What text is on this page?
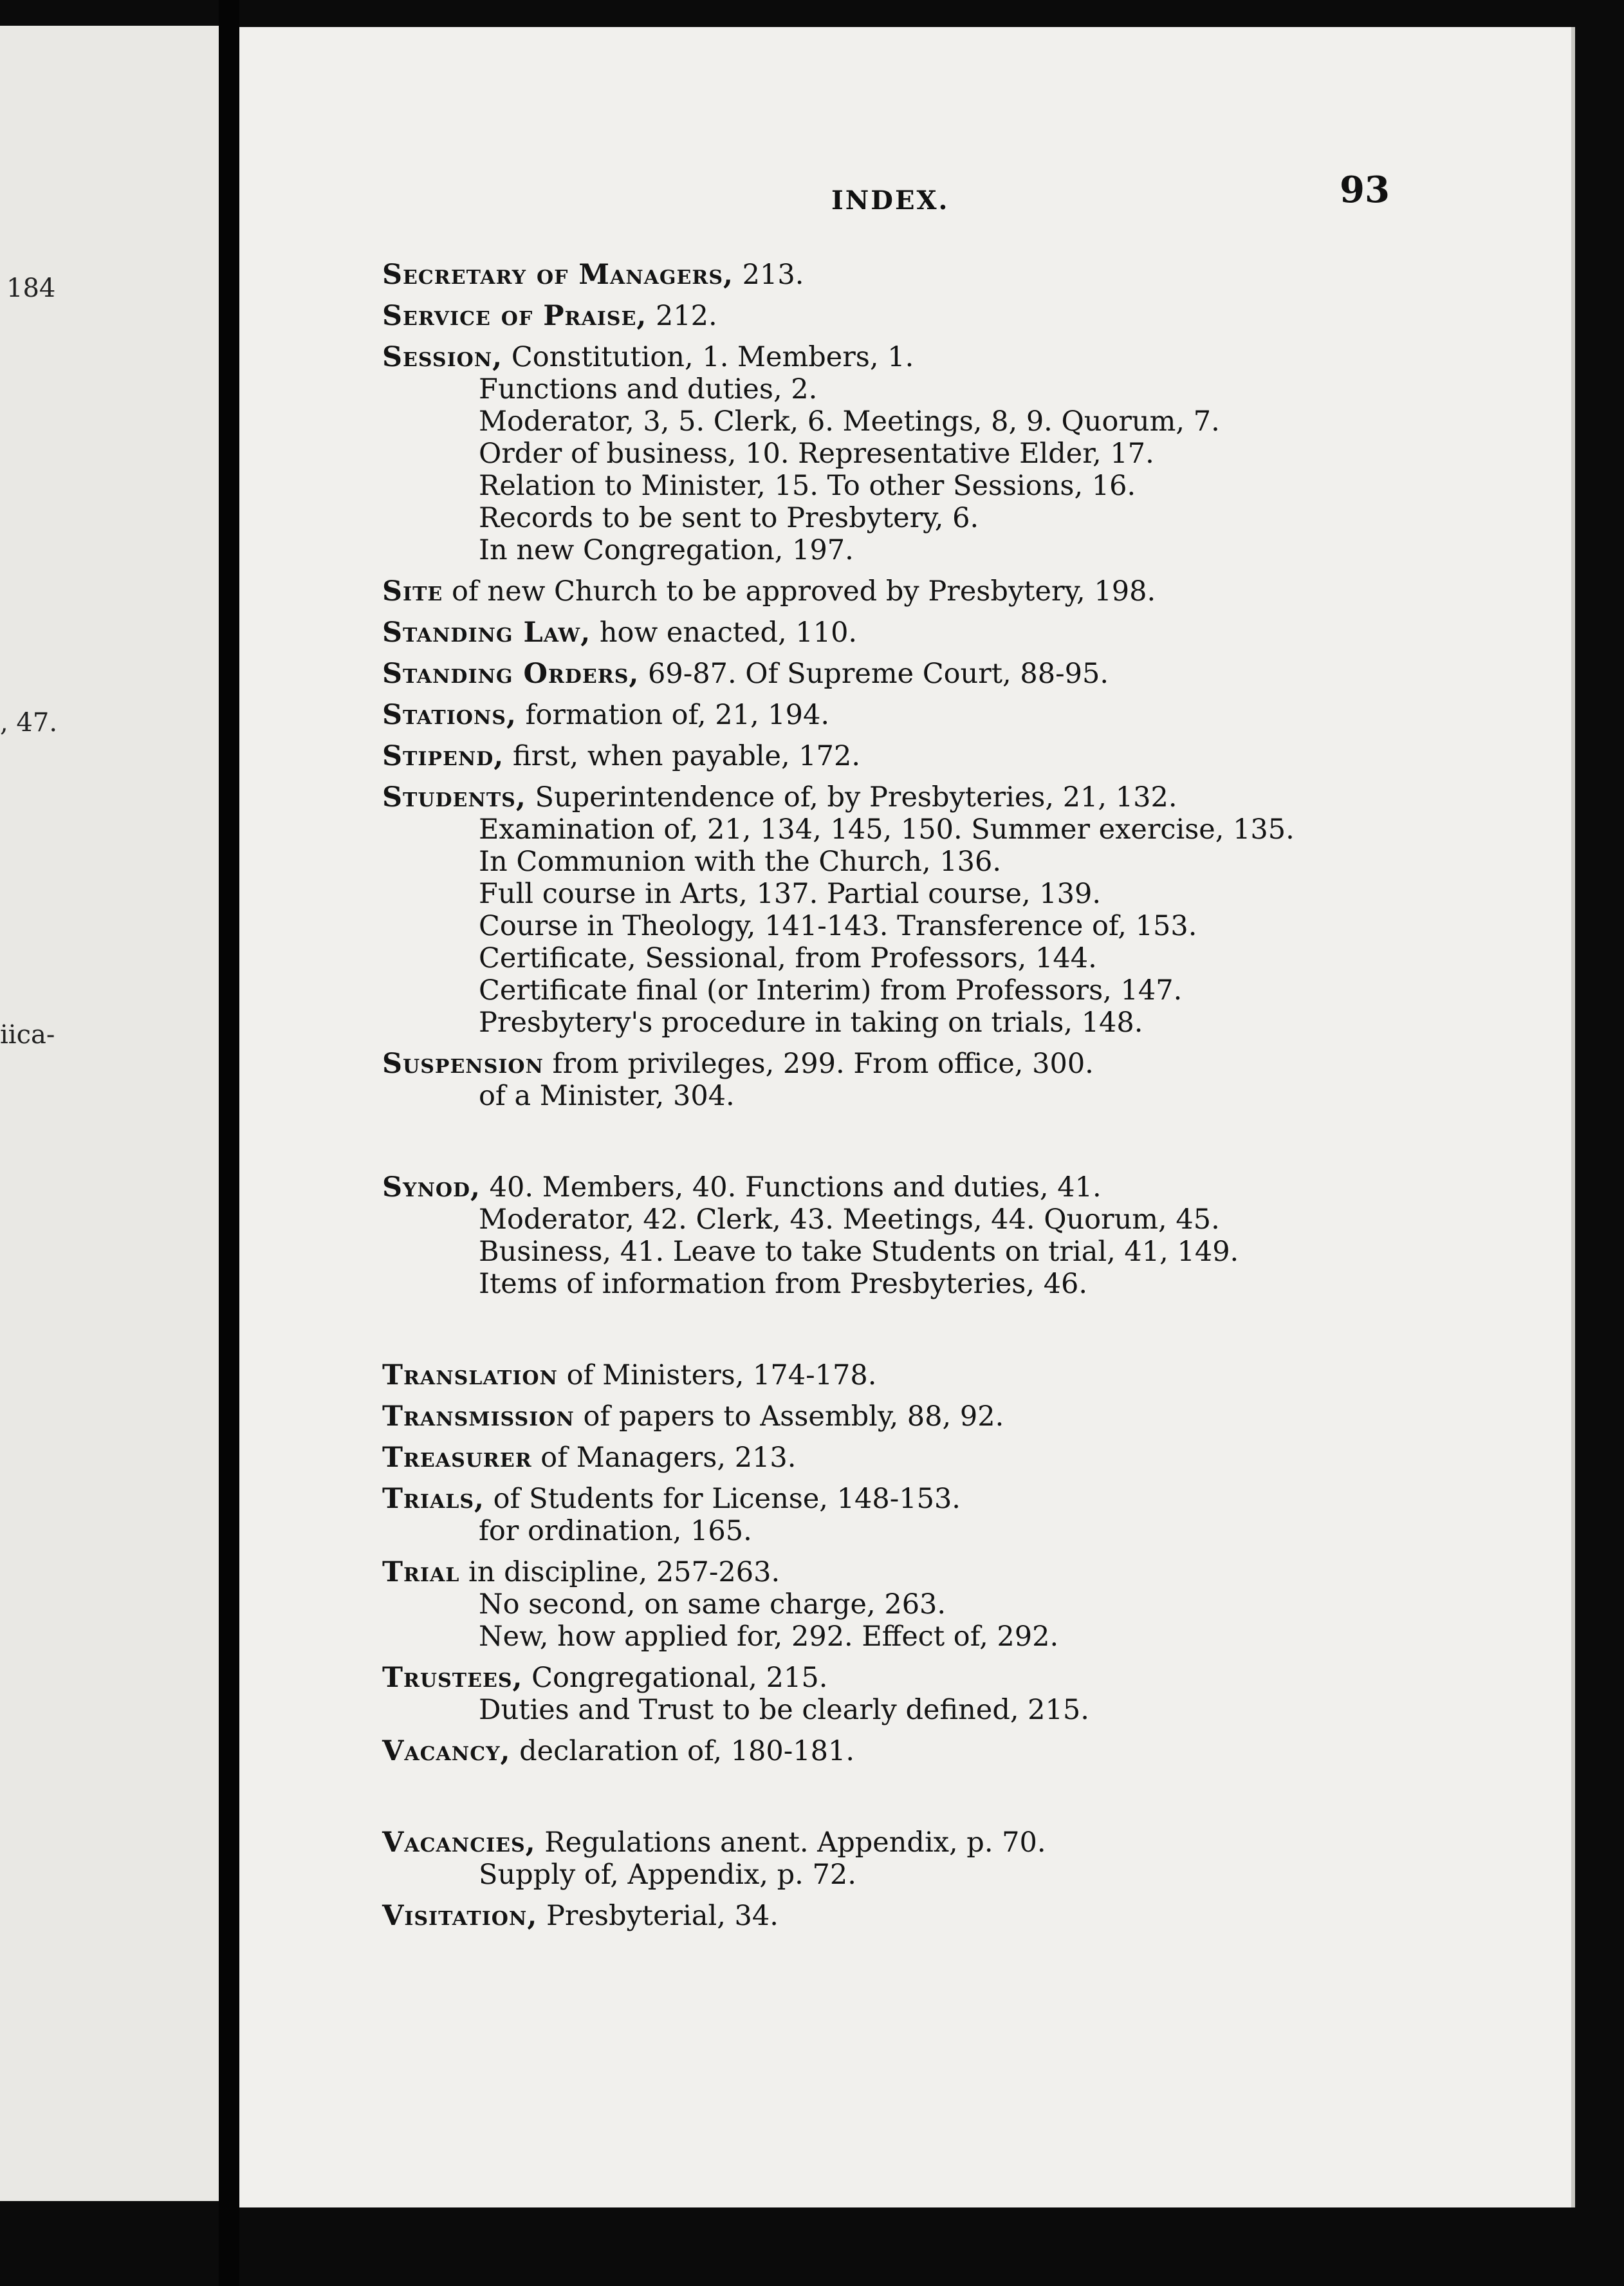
184
, 47.
iica-
INDEX.	93
Secretary of Managers, 213.
Service of Praise, 212.
Session, Constitution, 1. Members, 1.
Functions and duties, 2.
Moderator, 3, 5. Clerk, 6. Meetings, 8, 9. Quorum, 7.
Order of business, 10. Representative Elder, 17.
Relation to Minister, 15. To other Sessions, 16.
Records to be sent to Presbytery, 6.
In new Congregation, 197.
Site of new Church to be approved by Presbytery, 198.
Standing Law, how enacted, 110.
Standing Orders, 69-87. Of Supreme Court, 88-95.
Stations, formation of, 21, 194.
Stipend, first, when payable, 172.
Students, Superintendence of, by Presbyteries, 21, 132.
Examination of, 21, 134, 145, 150. Summer exercise, 135.
In Communion with the Church, 136.
Full course in Arts, 137. Partial course, 139.
Course in Theology, 141-143. Transference of, 153.
Certificate, Sessional, from Professors, 144.
Certificate final (or Interim) from Professors, 147.
Presbytery's procedure in taking on trials, 148.
Suspension from privileges, 299. From office, 300.
of a Minister, 304.
Synod, 40. Members, 40. Functions and duties, 41.
Moderator, 42. Clerk, 43. Meetings, 44. Quorum, 45.
Business, 41. Leave to take Students on trial, 41, 149.
Items of information from Presbyteries, 46.
Translation of Ministers, 174-178.
Transmission of papers to Assembly, 88, 92.
Treasurer of Managers, 213.
Trials, of Students for License, 148-153.
for ordination, 165.
Trial in discipline, 257-263.
No second, on same charge, 263.
New, how applied for, 292. Effect of, 292.
Trustees, Congregational, 215.
Duties and Trust to be clearly defined, 215.
Vacancy, declaration of, 180-181.
Vacancies, Regulations anent. Appendix, p. 70.
Supply of, Appendix, p. 72.
Visitation, Presbyterial, 34.
